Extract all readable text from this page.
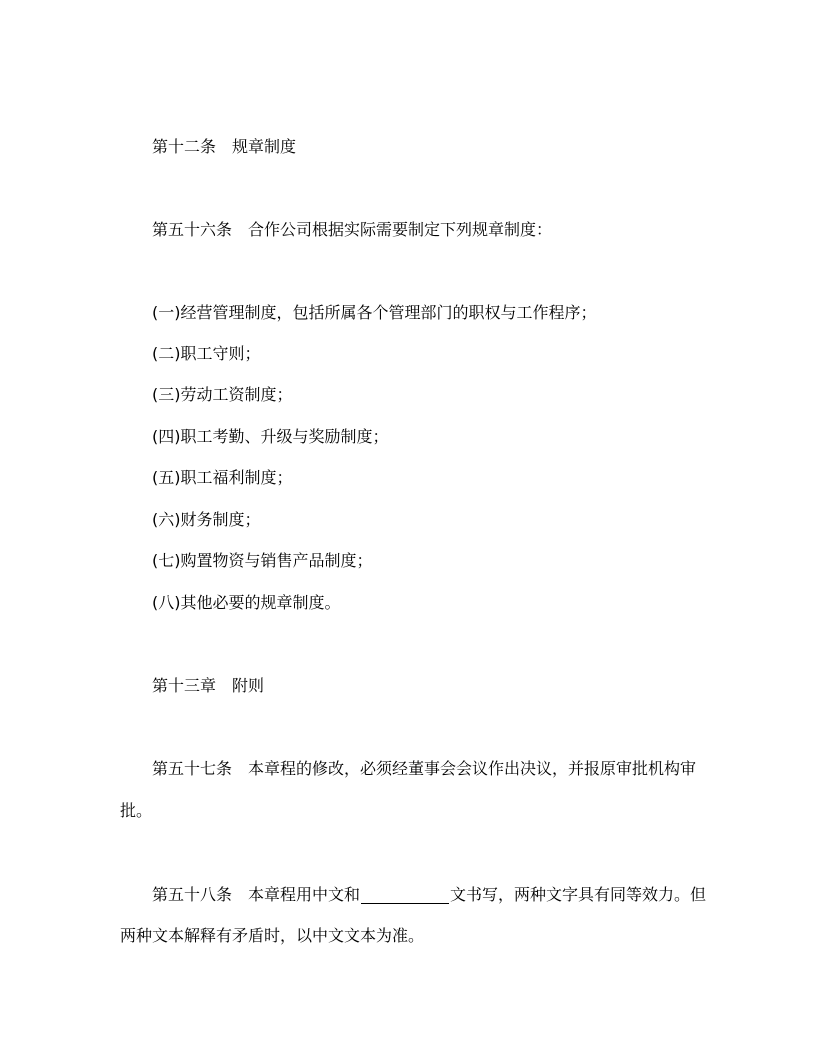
第十二条 规章制度
第五十六条 合作公司根据实际需要制定下列规章制度：
(一)经营管理制度，包括所属各个管理部门的职权与工作程序；
(二)职工守则；
(三)劳动工资制度；
(四)职工考勤、升级与奖励制度；
(五)职工福利制度；
(六)财务制度；
(七)购置物资与销售产品制度；
(八)其他必要的规章制度。
第十三章 附则
第五十七条 本章程的修改，必须经董事会会议作出决议，并报原审批机构审
批。
第五十八条 本章程用中文和	文书写，两种文字具有同等效力。但
两种文本解释有矛盾时，以中文文本为准。
